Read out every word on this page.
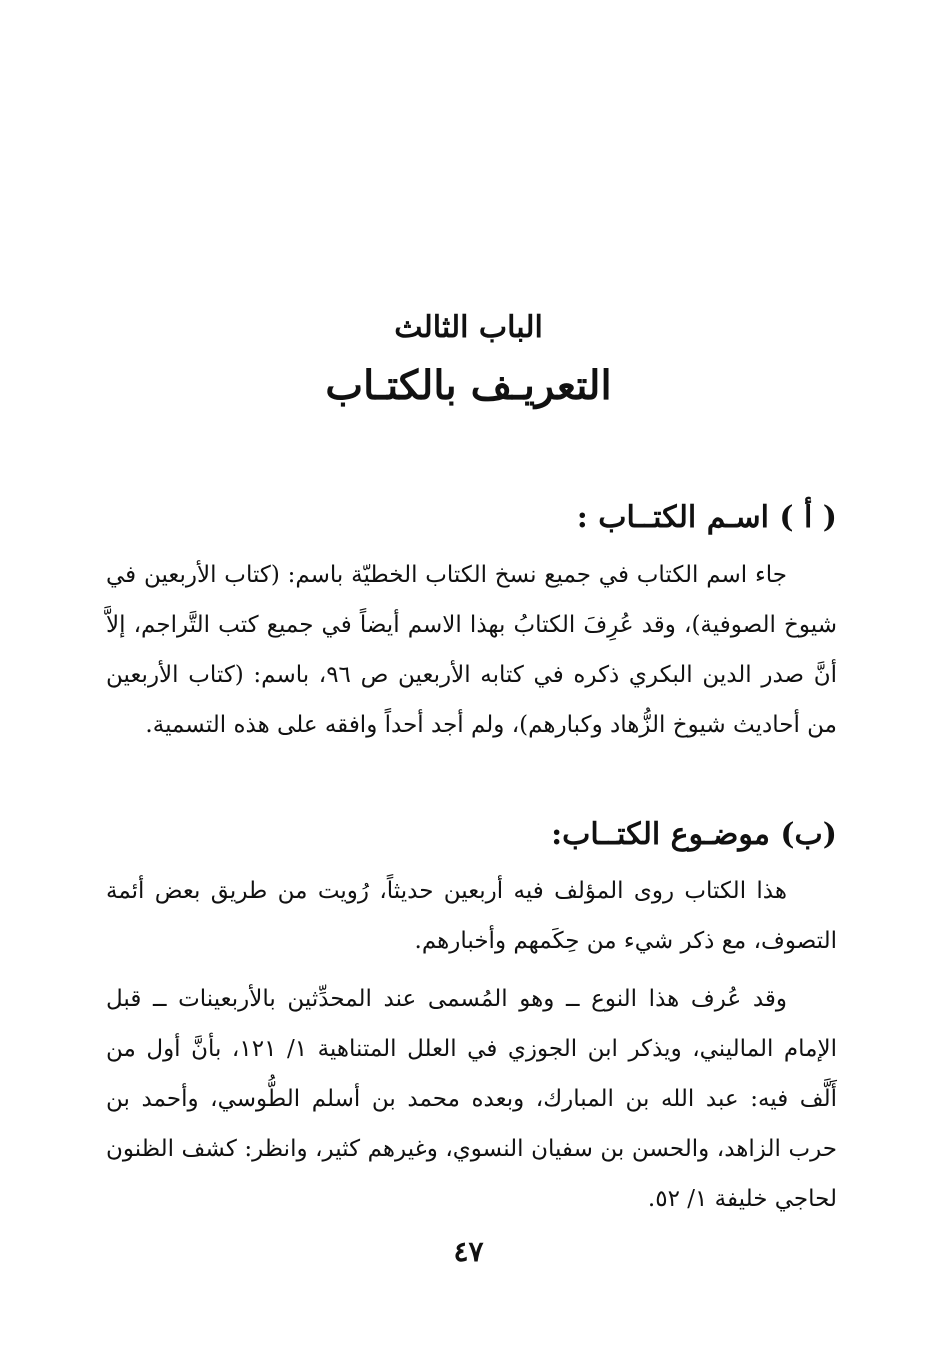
الباب الثالث
التعريـف بالكتـاب
( أ ) اسـم الكتــاب :

جاء اسم الكتاب في جميع نسخ الكتاب الخطيّة باسم: (كتاب الأربعين في شيوخ الصوفية)، وقد عُرِفَ الكتابُ بهذا الاسم أيضاً في جميع كتب التَّراجم، إلاَّ أنَّ صدر الدين البكري ذكره في كتابه الأربعين ص ٩٦، باسم: (كتاب الأربعين من أحاديث شيوخ الزُّهاد وكبارهم)، ولم أجد أحداً وافقه على هذه التسمية.

(ب) موضـوع الكتــاب:

هذا الكتاب روى المؤلف فيه أربعين حديثاً، رُويت من طريق بعض أئمة التصوف، مع ذكر شيء من حِكَمهم وأخبارهم.

وقد عُرف هذا النوع ــ وهو المُسمى عند المحدِّثين بالأربعينات ــ قبل الإمام الماليني، ويذكر ابن الجوزي في العلل المتناهية ١/ ١٢١، بأنَّ أول من أَلَّف فيه: عبد الله بن المبارك، وبعده محمد بن أسلم الطُّوسي، وأحمد بن حرب الزاهد، والحسن بن سفيان النسوي، وغيرهم كثير، وانظر: كشف الظنون لحاجي خليفة ١/ ٥٢.

٤٧
